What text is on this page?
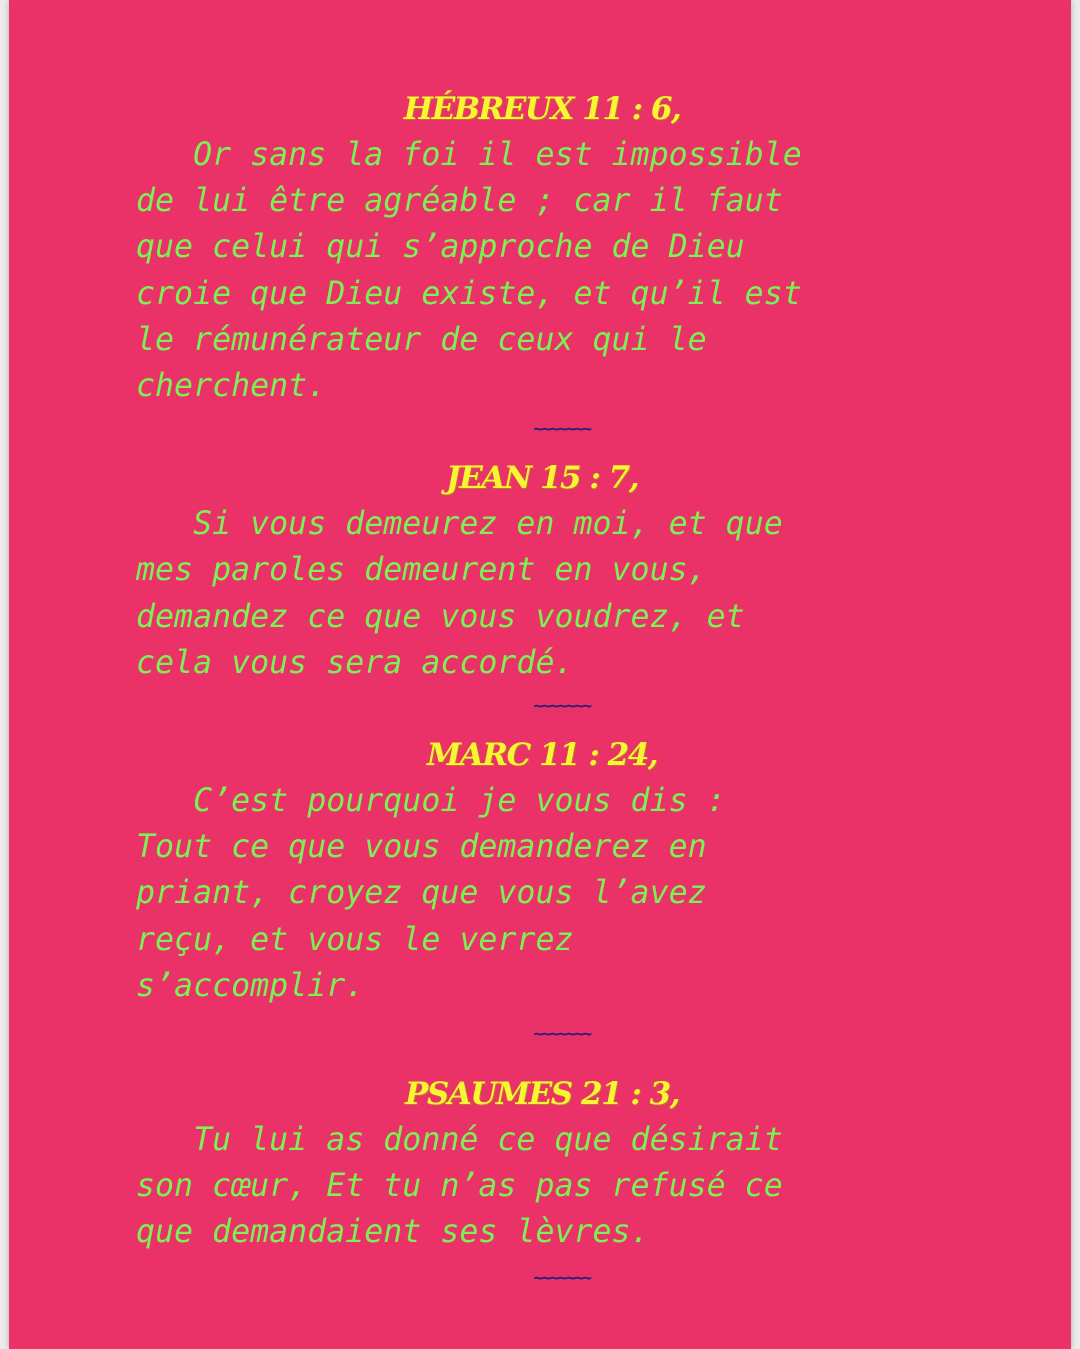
HÉBREUX 11 : 6,
Or sans la foi il est impossible
de lui être agréable ; car il faut
que celui qui s’approche de Dieu
croie que Dieu existe, et qu’il est
le rémunérateur de ceux qui le
cherchent.
~~~~~~~
JEAN 15 : 7,
Si vous demeurez en moi, et que
mes paroles demeurent en vous,
demandez ce que vous voudrez, et
cela vous sera accordé.
~~~~~~~
MARC 11 : 24,
C’est pourquoi je vous dis :
Tout ce que vous demanderez en
priant, croyez que vous l’avez
reçu, et vous le verrez
s’accomplir.
~~~~~~~
PSAUMES 21 : 3,
Tu lui as donné ce que désirait
son cœur, Et tu n’as pas refusé ce
que demandaient ses lèvres.
~~~~~~~
